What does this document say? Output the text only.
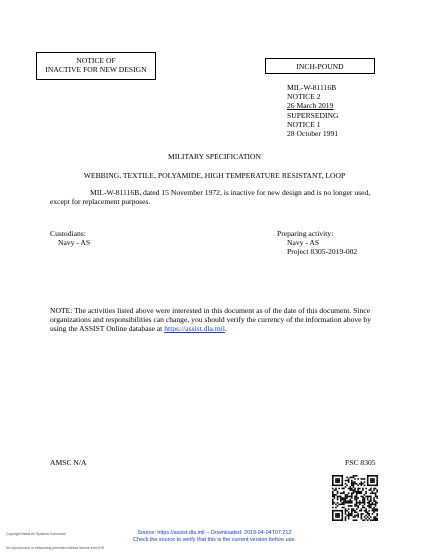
NOTICE OF
INACTIVE FOR NEW DESIGN	INCH-POUND
MIL-W-81116B
NOTICE 2
26 March 2019
SUPERSEDING
NOTICE 1
28 October 1991
MILITARY SPECIFICATION
WEBBING, TEXTILE, POLYAMIDE, HIGH TEMPERATURE RESISTANT, LOOP
MIL-W-81116B, dated 15 November 1972, is inactive for new design and is no longer used, except for replacement purposes.
Custodians:
Navy - AS
Preparing activity:
Navy - AS
Project 8305-2019-002
NOTE: The activities listed above were interested in this document as of the date of this document. Since organizations and responsibilities can change, you should verify the currency of the information above by using the ASSIST Online database at https://assist.dla.mil.
AMSC N/A	FSC 8305
Source: https://assist.dla.mil -- Downloaded: 2019-04-04T07:21Z
Check the source to verify that this is the current version before use.
Copyright Naval Air Systems Command
No reproduction or networking permitted without license from IHS
